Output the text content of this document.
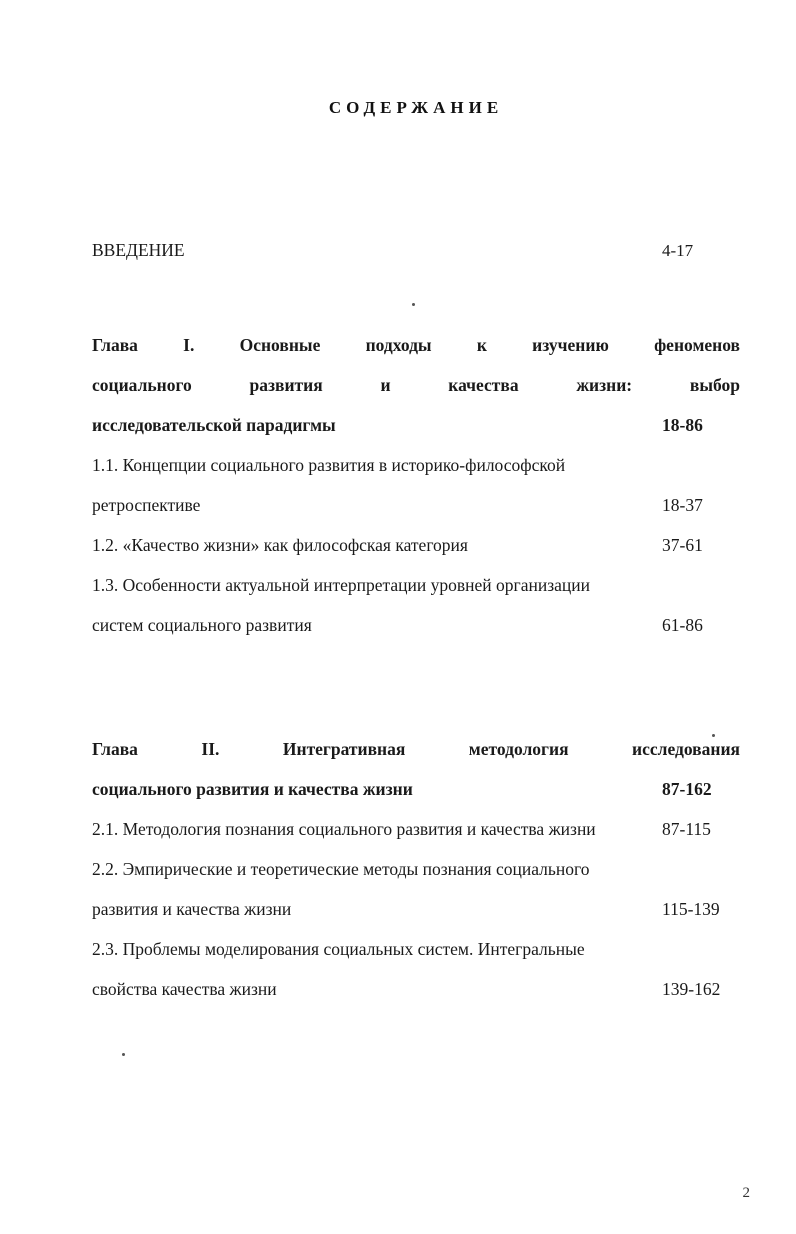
СОДЕРЖАНИЕ
ВВЕДЕНИЕ	4-17
Глава I. Основные подходы к изучению феноменов
социального развития и качества жизни: выбор
исследовательской парадигмы	18-86
1.1. Концепции социального развития в историко-философской
ретроспективе	18-37
1.2. «Качество жизни» как философская категория	37-61
1.3. Особенности актуальной интерпретации уровней организации
систем социального развития	61-86
Глава II. Интегративная методология исследования
социального развития и качества жизни	87-162
2.1. Методология познания социального развития и качества жизни	87-115
2.2. Эмпирические и теоретические методы познания социального
развития и качества жизни	115-139
2.3. Проблемы моделирования социальных систем. Интегральные
свойства качества жизни	139-162
2
